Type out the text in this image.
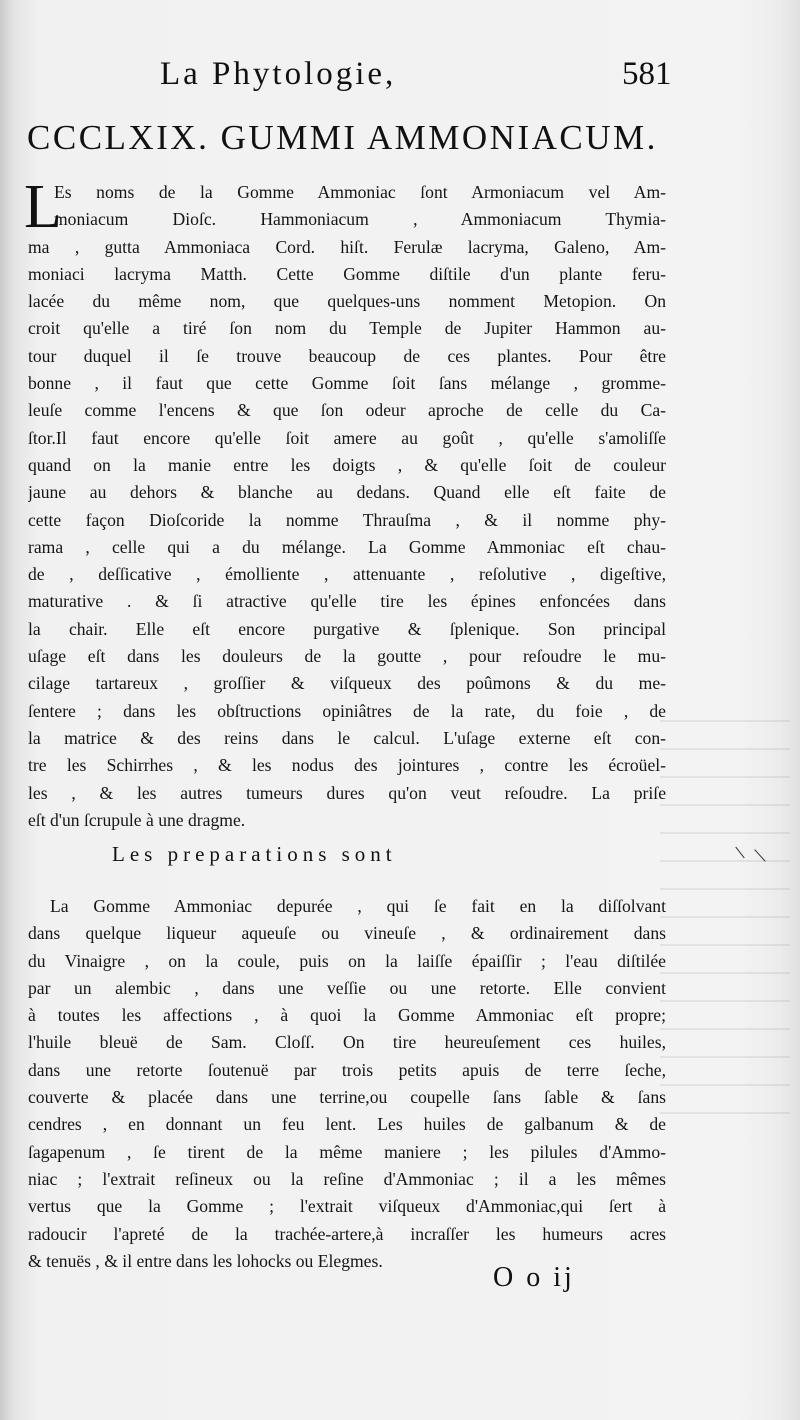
La Phytologie,	581
CCCLXIX. GUMMI AMMONIACUM.
L
Es noms de la Gomme Ammoniac ſont Armoniacum vel Am-
moniacum Dioſc. Hammoniacum , Ammoniacum Thymia-
ma , gutta Ammoniaca Cord. hiſt. Ferulæ lacryma, Galeno, Am-
moniaci lacryma Matth. Cette Gomme diſtile d'un plante feru-
lacée du même nom, que quelques-uns nomment Metopion. On
croit qu'elle a tiré ſon nom du Temple de Jupiter Hammon au-
tour duquel il ſe trouve beaucoup de ces plantes. Pour être
bonne , il faut que cette Gomme ſoit ſans mélange , gromme-
leuſe comme l'encens & que ſon odeur aproche de celle du Ca-
ſtor.Il faut encore qu'elle ſoit amere au goût , qu'elle s'amoliſſe
quand on la manie entre les doigts , & qu'elle ſoit de couleur
jaune au dehors & blanche au dedans. Quand elle eſt faite de
cette façon Dioſcoride la nomme Thrauſma , & il nomme phy-
rama , celle qui a du mélange. La Gomme Ammoniac eſt chau-
de , deſſicative , émolliente , attenuante , reſolutive , digeſtive,
maturative . & ſi atractive qu'elle tire les épines enfoncées dans
la chair. Elle eſt encore purgative & ſplenique. Son principal
uſage eſt dans les douleurs de la goutte , pour reſoudre le mu-
cilage tartareux , groſſier & viſqueux des poûmons & du me-
ſentere ; dans les obſtructions opiniâtres de la rate, du foie , de
la matrice & des reins dans le calcul. L'uſage externe eſt con-
tre les Schirrhes , & les nodus des jointures , contre les écroüel-
les , & les autres tumeurs dures qu'on veut reſoudre. La priſe
eſt d'un ſcrupule à une dragme.
Les preparations sont
La Gomme Ammoniac depurée , qui ſe fait en la diſſolvant
dans quelque liqueur aqueuſe ou vineuſe , & ordinairement dans
du Vinaigre , on la coule, puis on la laiſſe épaiſſir ; l'eau diſtilée
par un alembic , dans une veſſie ou une retorte. Elle convient
à toutes les affections , à quoi la Gomme Ammoniac eſt propre;
l'huile bleuë de Sam. Cloſſ. On tire heureuſement ces huiles,
dans une retorte ſoutenuë par trois petits apuis de terre ſeche,
couverte & placée dans une terrine,ou coupelle ſans ſable & ſans
cendres , en donnant un feu lent. Les huiles de galbanum & de
ſagapenum , ſe tirent de la même maniere ; les pilules d'Ammo-
niac ; l'extrait reſineux ou la reſine d'Ammoniac ; il a les mêmes
vertus que la Gomme ; l'extrait viſqueux d'Ammoniac,qui ſert à
radoucir l'apreté de la trachée-artere,à incraſſer les humeurs acres
& tenuës , & il entre dans les lohocks ou Elegmes.
O o ij
